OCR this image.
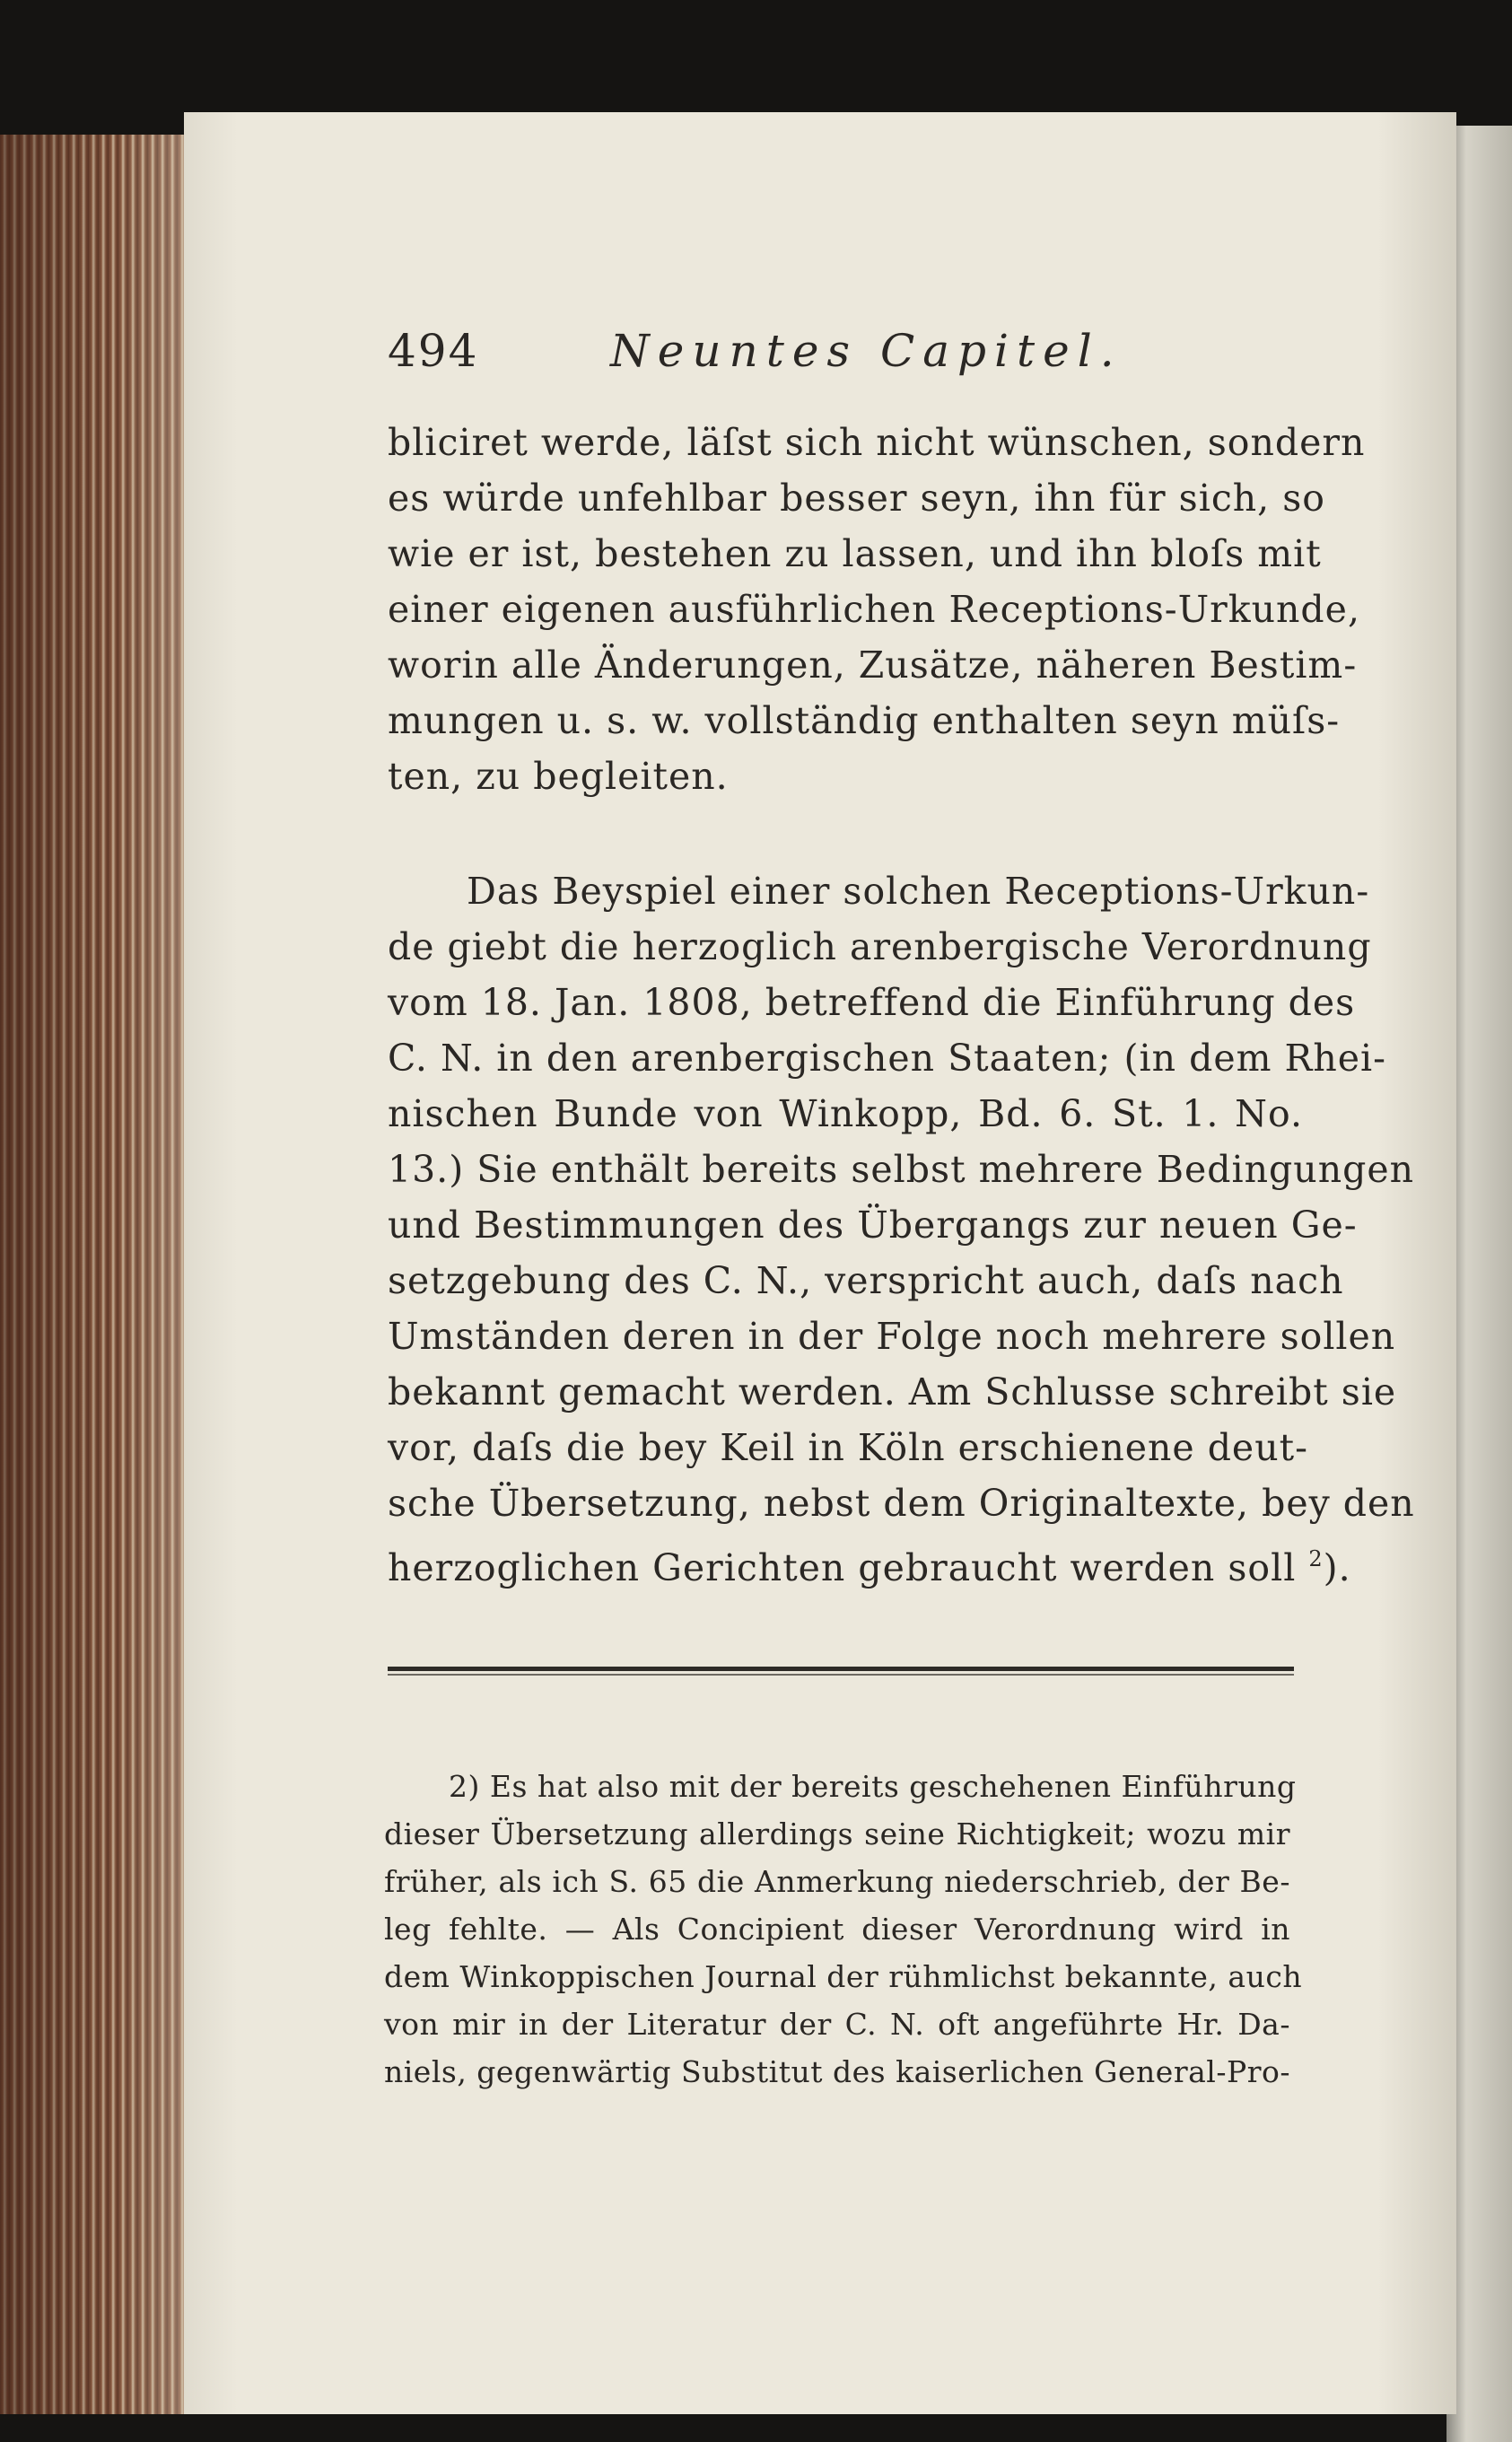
494	Neuntes Capitel.
bliciret werde, läſst sich nicht wünschen, sondern
es würde unfehlbar besser seyn, ihn für sich, so
wie er ist, bestehen zu lassen, und ihn bloſs mit
einer eigenen ausführlichen Receptions-Urkunde,
worin alle Änderungen, Zusätze, näheren Bestim-
mungen u. s. w. vollständig enthalten seyn müſs-
ten, zu begleiten.
Das Beyspiel einer solchen Receptions-Urkun-
de giebt die herzoglich arenbergische Verordnung
vom 18. Jan. 1808, betreffend die Einführung des
C. N. in den arenbergischen Staaten; (in dem Rhei-
nischen Bunde von Winkopp, Bd. 6. St. 1. No.
13.) Sie enthält bereits selbst mehrere Bedingungen
und Bestimmungen des Übergangs zur neuen Ge-
setzgebung des C. N., verspricht auch, daſs nach
Umständen deren in der Folge noch mehrere sollen
bekannt gemacht werden. Am Schlusse schreibt sie
vor, daſs die bey Keil in Köln erschienene deut-
sche Übersetzung, nebst dem Originaltexte, bey den
herzoglichen Gerichten gebraucht werden soll $^2$).
2) Es hat also mit der bereits geschehenen Einführung
dieser Übersetzung allerdings seine Richtigkeit; wozu mir
früher, als ich S. 65 die Anmerkung niederschrieb, der Be-
leg fehlte. — Als Concipient dieser Verordnung wird in
dem Winkoppischen Journal der rühmlichst bekannte, auch
von mir in der Literatur der C. N. oft angeführte Hr. Da-
niels, gegenwärtig Substitut des kaiserlichen General-Pro-
